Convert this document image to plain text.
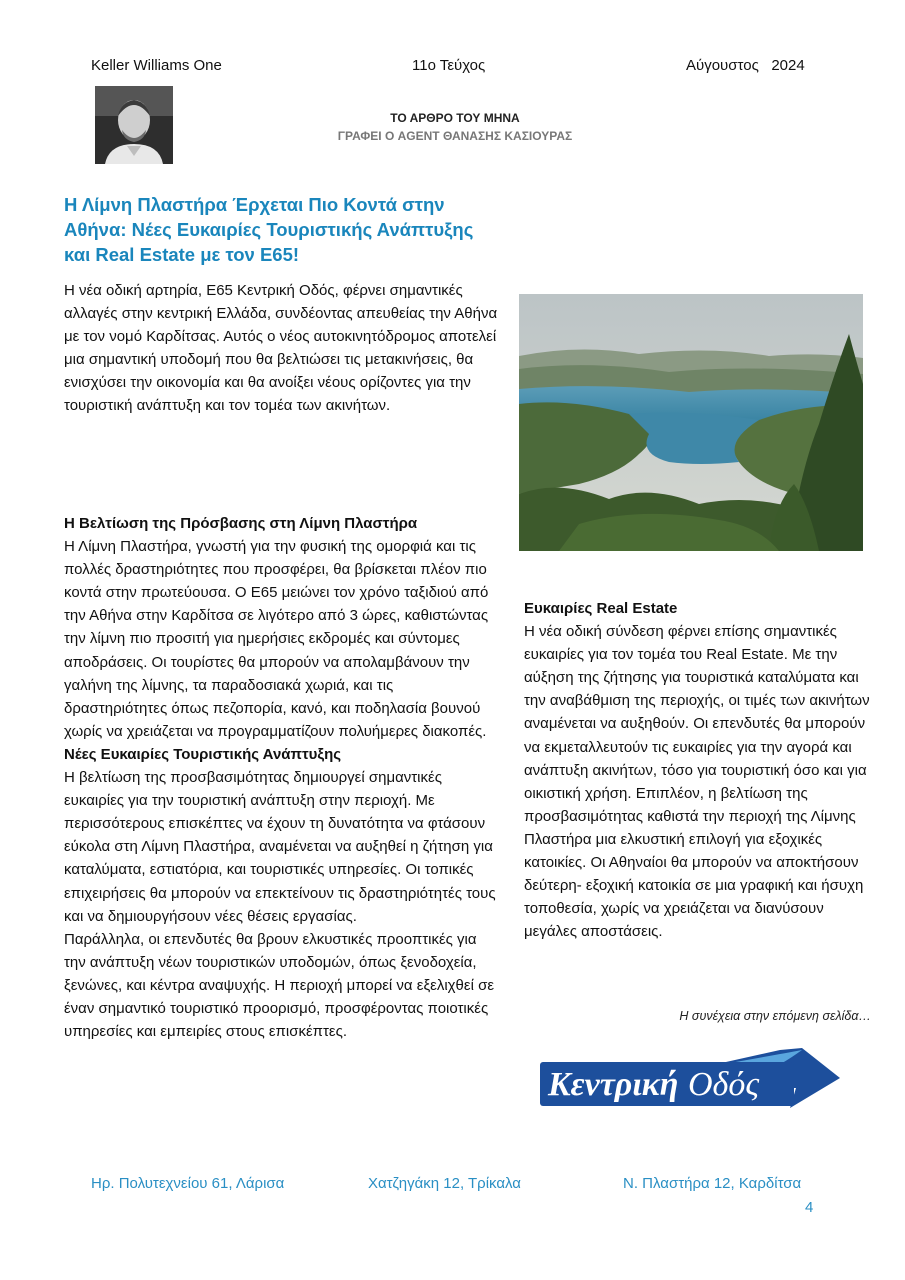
Keller Williams One	11ο Τεύχος	Αύγουστος 2024
ΤΟ ΑΡΘΡΟ ΤΟΥ ΜΗΝΑ
ΓΡΑΦΕΙ Ο AGENT ΘΑΝΑΣΗΣ ΚΑΣΙΟΥΡΑΣ
Η Λίμνη Πλαστήρα Έρχεται Πιο Κοντά στην Αθήνα: Νέες Ευκαιρίες Τουριστικής Ανάπτυξης και Real Estate με τον Ε65!

Η νέα οδική αρτηρία, Ε65 Κεντρική Οδός, φέρνει σημαντικές αλλαγές στην κεντρική Ελλάδα, συνδέοντας απευθείας την Αθήνα με τον νομό Καρδίτσας. Αυτός ο νέος αυτοκινητόδρομος αποτελεί μια σημαντική υποδομή που θα βελτιώσει τις μετακινήσεις, θα ενισχύσει την οικονομία και θα ανοίξει νέους ορίζοντες για την τουριστική ανάπτυξη και τον τομέα των ακινήτων.

Η Βελτίωση της Πρόσβασης στη Λίμνη Πλαστήρα

Η Λίμνη Πλαστήρα, γνωστή για την φυσική της ομορφιά και τις πολλές δραστηριότητες που προσφέρει, θα βρίσκεται πλέον πιο κοντά στην πρωτεύουσα. Ο Ε65 μειώνει τον χρόνο ταξιδιού από την Αθήνα στην Καρδίτσα σε λιγότερο από 3 ώρες, καθιστώντας την λίμνη πιο προσιτή για ημερήσιες εκδρομές και σύντομες αποδράσεις. Οι τουρίστες θα μπορούν να απολαμβάνουν την γαλήνη της λίμνης, τα παραδοσιακά χωριά, και τις δραστηριότητες όπως πεζοπορία, κανό, και ποδηλασία βουνού χωρίς να χρειάζεται να προγραμματίζουν πολυήμερες διακοπές.

Νέες Ευκαιρίες Τουριστικής Ανάπτυξης

Η βελτίωση της προσβασιμότητας δημιουργεί σημαντικές ευκαιρίες για την τουριστική ανάπτυξη στην περιοχή. Με περισσότερους επισκέπτες να έχουν τη δυνατότητα να φτάσουν εύκολα στη Λίμνη Πλαστήρα, αναμένεται να αυξηθεί η ζήτηση για καταλύματα, εστιατόρια, και τουριστικές υπηρεσίες. Οι τοπικές επιχειρήσεις θα μπορούν να επεκτείνουν τις δραστηριότητές τους και να δημιουργήσουν νέες θέσεις εργασίας.

Παράλληλα, οι επενδυτές θα βρουν ελκυστικές προοπτικές για την ανάπτυξη νέων τουριστικών υποδομών, όπως ξενοδοχεία, ξενώνες, και κέντρα αναψυχής. Η περιοχή μπορεί να εξελιχθεί σε έναν σημαντικό τουριστικό προορισμό, προσφέροντας ποιοτικές υπηρεσίες και εμπειρίες στους επισκέπτες.

Ευκαιρίες Real Estate

Η νέα οδική σύνδεση φέρνει επίσης σημαντικές ευκαιρίες για τον τομέα του Real Estate. Με την αύξηση της ζήτησης για τουριστικά καταλύματα και την αναβάθμιση της περιοχής, οι τιμές των ακινήτων αναμένεται να αυξηθούν. Οι επενδυτές θα μπορούν να εκμεταλλευτούν τις ευκαιρίες για την αγορά και ανάπτυξη ακινήτων, τόσο για τουριστική όσο και για οικιστική χρήση. Επιπλέον, η βελτίωση της προσβασιμότητας καθιστά την περιοχή της Λίμνης Πλαστήρα μια ελκυστική επιλογή για εξοχικές κατοικίες. Οι Αθηναίοι θα μπορούν να αποκτήσουν δεύτερη- εξοχική κατοικία σε μια γραφική και ήσυχη τοποθεσία, χωρίς να χρειάζεται να διανύσουν μεγάλες αποστάσεις.

Η συνέχεια στην επόμενη σελίδα…
Κεντρική Οδός
Ηρ. Πολυτεχνείου 61, Λάρισα	Χατζηγάκη 12, Τρίκαλα	Ν. Πλαστήρα 12, Καρδίτσα
4
